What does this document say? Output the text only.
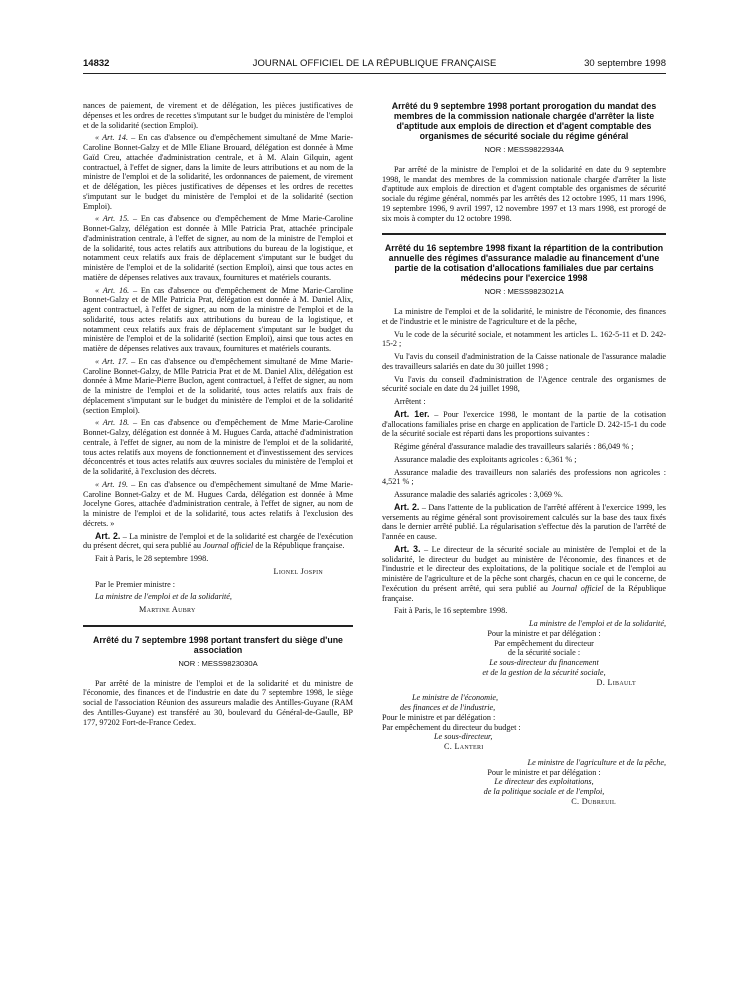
14832	JOURNAL OFFICIEL DE LA RÉPUBLIQUE FRANÇAISE	30 septembre 1998

nances de paiement, de virement et de délégation, les pièces justificatives de dépenses et les ordres de recettes s'imputant sur le budget du ministère de l'emploi et de la solidarité (section Emploi).

« Art. 14. – En cas d'absence ou d'empêchement simultané de Mme Marie-Caroline Bonnet-Galzy et de Mlle Eliane Brouard, délégation est donnée à Mme Gaïd Creu, attachée d'administration centrale, et à M. Alain Gilquin, agent contractuel, à l'effet de signer, dans la limite de leurs attributions et au nom de la ministre de l'emploi et de la solidarité, les ordonnances de paiement, de virement et de délégation, les pièces justificatives de dépenses et les ordres de recettes s'imputant sur le budget du ministère de l'emploi et de la solidarité (section Emploi).

« Art. 15. – En cas d'absence ou d'empêchement de Mme Marie-Caroline Bonnet-Galzy, délégation est donnée à Mlle Patricia Prat, attachée principale d'administration centrale, à l'effet de signer, au nom de la ministre de l'emploi et de la solidarité, tous actes relatifs aux attributions du bureau de la logistique, et notamment ceux relatifs aux frais de déplacement s'imputant sur le budget du ministère de l'emploi et de la solidarité (section Emploi), ainsi que tous actes en matière de dépenses relatives aux travaux, fournitures et matériels courants.

« Art. 16. – En cas d'absence ou d'empêchement de Mme Marie-Caroline Bonnet-Galzy et de Mlle Patricia Prat, délégation est donnée à M. Daniel Alix, agent contractuel, à l'effet de signer, au nom de la ministre de l'emploi et de la solidarité, tous actes relatifs aux attributions du bureau de la logistique, et notamment ceux relatifs aux frais de déplacement s'imputant sur le budget du ministère de l'emploi et de la solidarité (section Emploi), ainsi que tous actes en matière de dépenses relatives aux travaux, fournitures et matériels courants.

« Art. 17. – En cas d'absence ou d'empêchement simultané de Mme Marie-Caroline Bonnet-Galzy, de Mlle Patricia Prat et de M. Daniel Alix, délégation est donnée à Mme Marie-Pierre Buclon, agent contractuel, à l'effet de signer, au nom de la ministre de l'emploi et de la solidarité, tous actes relatifs aux frais de déplacement s'imputant sur le budget du ministère de l'emploi et de la solidarité (section Emploi).

« Art. 18. – En cas d'absence ou d'empêchement de Mme Marie-Caroline Bonnet-Galzy, délégation est donnée à M. Hugues Carda, attaché d'administration centrale, à l'effet de signer, au nom de la ministre de l'emploi et de la solidarité, tous actes relatifs aux moyens de fonctionnement et d'investissement des services déconcentrés et tous actes relatifs aux œuvres sociales du ministère de l'emploi et de la solidarité, à l'exclusion des décrets.

« Art. 19. – En cas d'absence ou d'empêchement simultané de Mme Marie-Caroline Bonnet-Galzy et de M. Hugues Carda, délégation est donnée à Mme Jocelyne Gores, attachée d'administration centrale, à l'effet de signer, au nom de la ministre de l'emploi et de la solidarité, tous actes relatifs à l'exclusion des décrets. »

Art. 2. – La ministre de l'emploi et de la solidarité est chargée de l'exécution du présent décret, qui sera publié au Journal officiel de la République française.

Fait à Paris, le 28 septembre 1998.

Lionel Jospin

Par le Premier ministre :

La ministre de l'emploi et de la solidarité,

Martine Aubry

Arrêté du 7 septembre 1998 portant transfert du siège d'une association
NOR : MESS9823030A

Par arrêté de la ministre de l'emploi et de la solidarité et du ministre de l'économie, des finances et de l'industrie en date du 7 septembre 1998, le siège social de l'association Réunion des assureurs maladie des Antilles-Guyane (RAM des Antilles-Guyane) est transféré au 30, boulevard du Général-de-Gaulle, BP 177, 97202 Fort-de-France Cedex.

Arrêté du 9 septembre 1998 portant prorogation du mandat des membres de la commission nationale chargée d'arrêter la liste d'aptitude aux emplois de direction et d'agent comptable des organismes de sécurité sociale du régime général
NOR : MESS9822934A

Par arrêté de la ministre de l'emploi et de la solidarité en date du 9 septembre 1998, le mandat des membres de la commission nationale chargée d'arrêter la liste d'aptitude aux emplois de direction et d'agent comptable des organismes de sécurité sociale du régime général, nommés par les arrêtés des 12 octobre 1995, 11 mars 1996, 19 septembre 1996, 9 avril 1997, 12 novembre 1997 et 13 mars 1998, est prorogé de six mois à compter du 12 octobre 1998.

Arrêté du 16 septembre 1998 fixant la répartition de la contribution annuelle des régimes d'assurance maladie au financement d'une partie de la cotisation d'allocations familiales due par certains médecins pour l'exercice 1998
NOR : MESS9823021A

La ministre de l'emploi et de la solidarité, le ministre de l'économie, des finances et de l'industrie et le ministre de l'agriculture et de la pêche,

Vu le code de la sécurité sociale, et notamment les articles L. 162-5-11 et D. 242-15-2 ;

Vu l'avis du conseil d'administration de la Caisse nationale de l'assurance maladie des travailleurs salariés en date du 30 juillet 1998 ;

Vu l'avis du conseil d'administration de l'Agence centrale des organismes de sécurité sociale en date du 24 juillet 1998,

Arrêtent :

Art. 1er. – Pour l'exercice 1998, le montant de la partie de la cotisation d'allocations familiales prise en charge en application de l'article D. 242-15-1 du code de la sécurité sociale est réparti dans les proportions suivantes :

Régime général d'assurance maladie des travailleurs salariés : 86,049 % ;

Assurance maladie des exploitants agricoles : 6,361 % ;

Assurance maladie des travailleurs non salariés des professions non agricoles : 4,521 % ;

Assurance maladie des salariés agricoles : 3,069 %.

Art. 2. – Dans l'attente de la publication de l'arrêté afférent à l'exercice 1999, les versements au régime général sont provisoirement calculés sur la base des taux fixés dans le dernier arrêté publié. La régularisation s'effectue dès la parution de l'arrêté de l'année en cause.

Art. 3. – Le directeur de la sécurité sociale au ministère de l'emploi et de la solidarité, le directeur du budget au ministère de l'économie, des finances et de l'industrie et le directeur des exploitations, de la politique sociale et de l'emploi au ministère de l'agriculture et de la pêche sont chargés, chacun en ce qui le concerne, de l'exécution du présent arrêté, qui sera publié au Journal officiel de la République française.

Fait à Paris, le 16 septembre 1998.

La ministre de l'emploi et de la solidarité,

Pour la ministre et par délégation :

Par empêchement du directeur

de la sécurité sociale :

Le sous-directeur du financement

et de la gestion de la sécurité sociale,

D. Libault

Le ministre de l'économie,

des finances et de l'industrie,

Pour le ministre et par délégation :

Par empêchement du directeur du budget :

Le sous-directeur,

C. Lanteri

Le ministre de l'agriculture et de la pêche,

Pour le ministre et par délégation :

Le directeur des exploitations,

de la politique sociale et de l'emploi,

C. Dubreuil
